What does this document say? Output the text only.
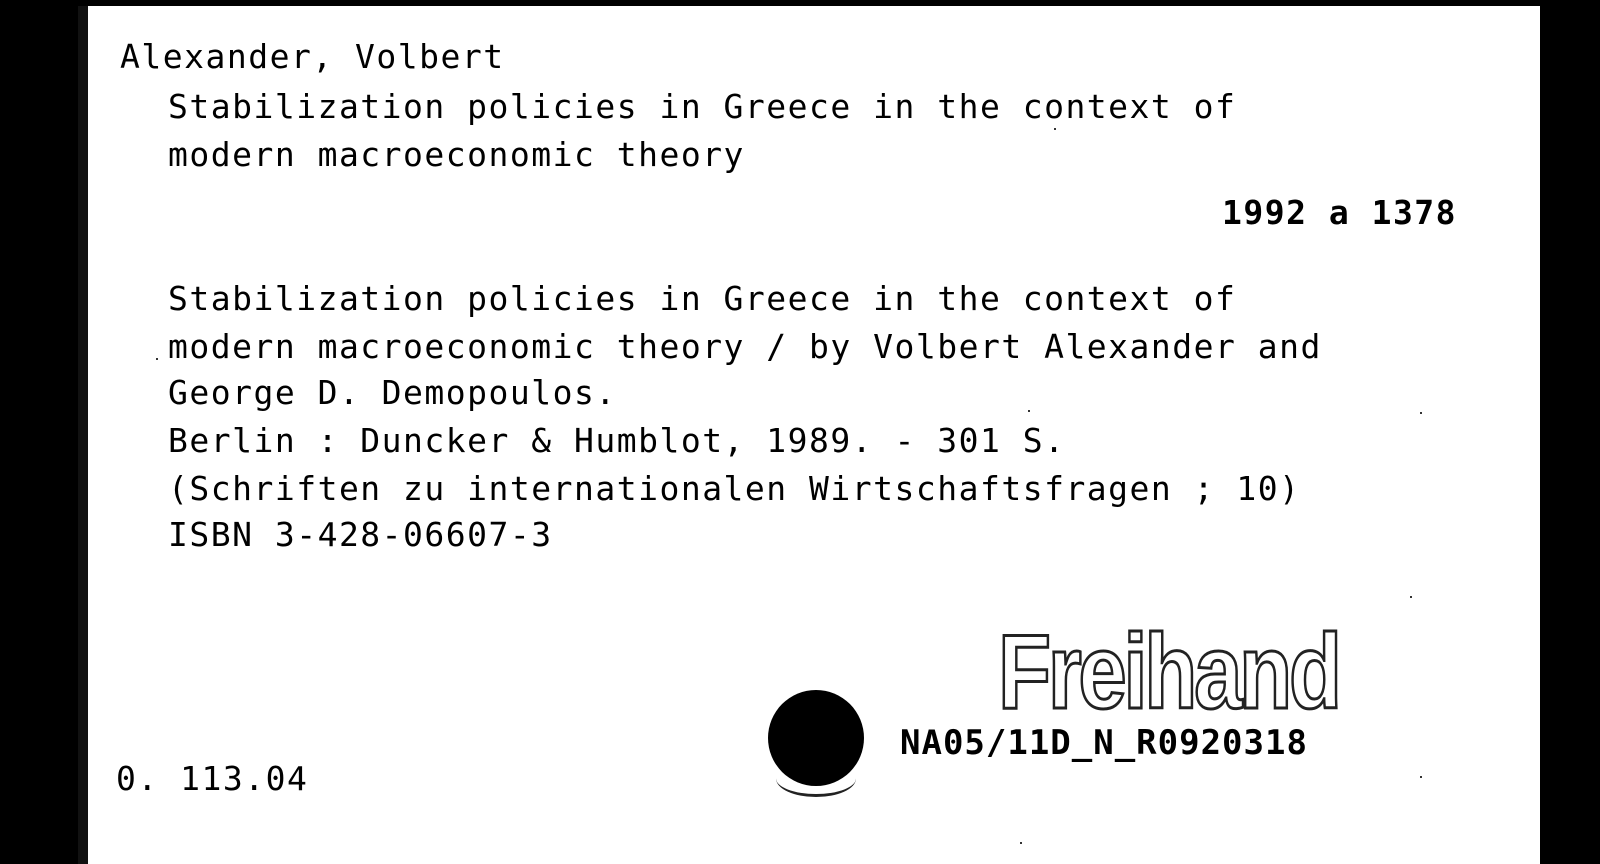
Alexander, Volbert
Stabilization policies in Greece in the context of
modern macroeconomic theory
1992 a 1378
Stabilization policies in Greece in the context of
modern macroeconomic theory / by Volbert Alexander and
George D. Demopoulos.
Berlin : Duncker & Humblot, 1989. - 301 S.
(Schriften zu internationalen Wirtschaftsfragen ; 10)
ISBN 3-428-06607-3
Freihand
NA05/11D_N_R0920318
0. 113.04
